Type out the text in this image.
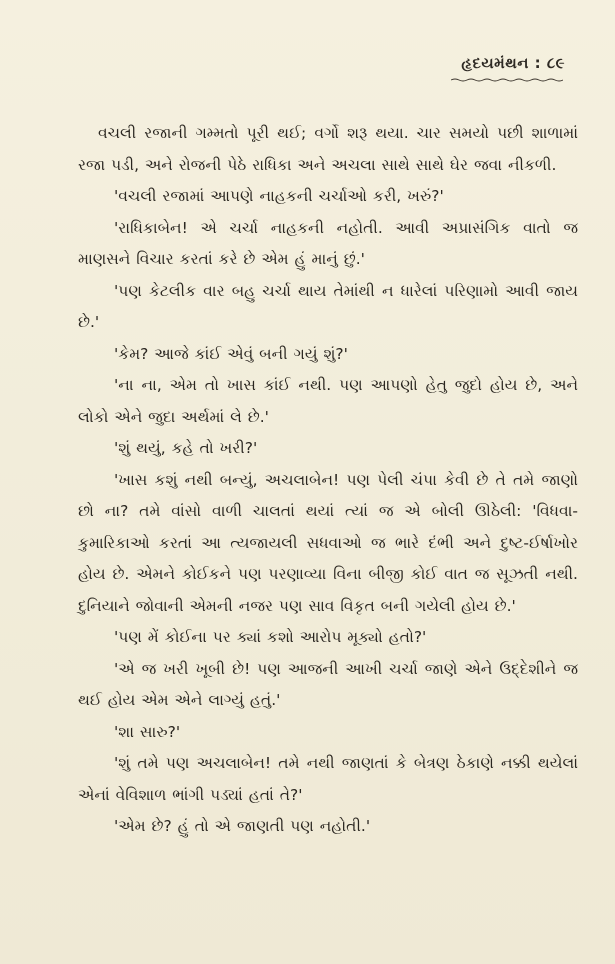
હૃદયમંથન : ૮૯

વચલી રજાની ગમ્મતો પૂરી થઈ; વર્ગો શરૂ થયા. ચાર સમયો પછી શાળામાં રજા પડી, અને રોજની પેઠે રાધિકા અને અચલા સાથે સાથે ઘેર જવા નીકળી.

'વચલી રજામાં આપણે નાહકની ચર્ચાઓ કરી, ખરું?'

'રાધિકાબેન! એ ચર્ચા નાહકની નહોતી. આવી અપ્રાસંગિક વાતો જ માણસને વિચાર કરતાં કરે છે એમ હું માનું છું.'

'પણ કેટલીક વાર બહુ ચર્ચા થાય તેમાંથી ન ધારેલાં પરિણામો આવી જાય છે.'

'કેમ? આજે કાંઈ એવું બની ગયું શું?'

'ના ના, એમ તો ખાસ કાંઈ નથી. પણ આપણો હેતુ જુદો હોય છે, અને લોકો એને જુદા અર્થમાં લે છે.'

'શું થયું, કહે તો ખરી?'

'ખાસ કશું નથી બન્યું, અચલાબેન! પણ પેલી ચંપા કેવી છે તે તમે જાણો છો ના? તમે વાંસો વાળી ચાલતાં થયાં ત્યાં જ એ બોલી ઊઠેલી: 'વિધવા-કુમારિકાઓ કરતાં આ ત્યજાયલી સધવાઓ જ ભારે દંભી અને દુષ્ટ-ઈર્ષાખોર હોય છે. એમને કોઈકને પણ પરણાવ્યા વિના બીજી કોઈ વાત જ સૂઝતી નથી. દુનિયાને જોવાની એમની નજર પણ સાવ વિકૃત બની ગયેલી હોય છે.'

'પણ મેં કોઈના પર ક્યાં કશો આરોપ મૂક્યો હતો?'

'એ જ ખરી ખૂબી છે! પણ આજની આખી ચર્ચા જાણે એને ઉદ્દેશીને જ થઈ હોય એમ એને લાગ્યું હતું.'

'શા સારુ?'

'શું તમે પણ અચલાબેન! તમે નથી જાણતાં કે બેત્રણ ઠેકાણે નક્કી થયેલાં એનાં વેવિશાળ ભાંગી પડ્યાં હતાં તે?'

'એમ છે? હું તો એ જાણતી પણ નહોતી.'
